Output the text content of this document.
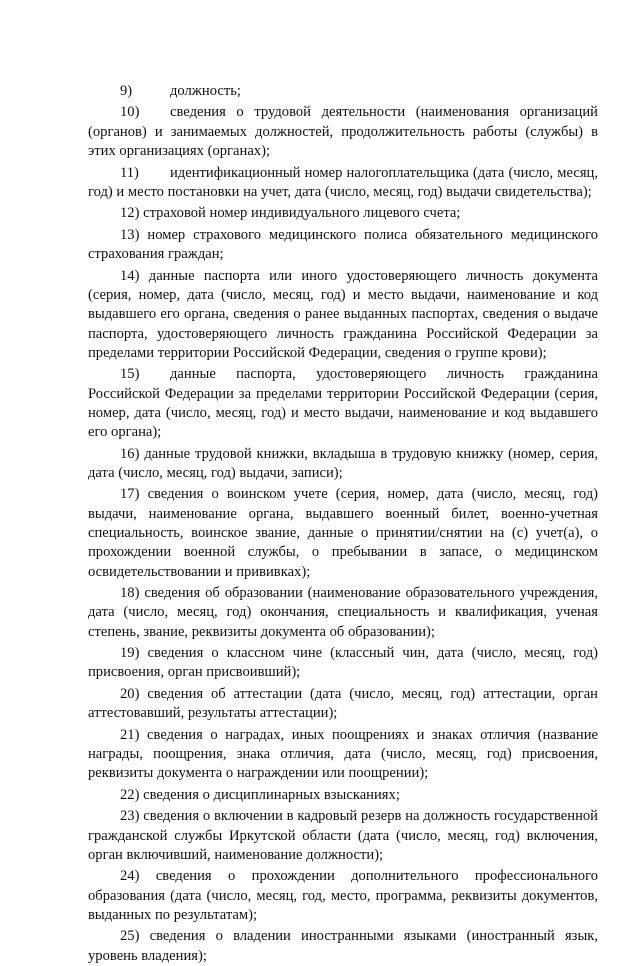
9)	должность;

10) сведения о трудовой деятельности (наименования организаций (органов) и занимаемых должностей, продолжительность работы (службы) в этих организациях (органах);

11) идентификационный номер налогоплательщика (дата (число, месяц, год) и место постановки на учет, дата (число, месяц, год) выдачи свидетельства);

12) страховой номер индивидуального лицевого счета;

13) номер страхового медицинского полиса обязательного медицинского страхования граждан;

14) данные паспорта или иного удостоверяющего личность документа (серия, номер, дата (число, месяц, год) и место выдачи, наименование и код выдавшего его органа, сведения о ранее выданных паспортах, сведения о выдаче паспорта, удостоверяющего личность гражданина Российской Федерации за пределами территории Российской Федерации, сведения о группе крови);

15) данные паспорта, удостоверяющего личность гражданина Российской Федерации за пределами территории Российской Федерации (серия, номер, дата (число, месяц, год) и место выдачи, наименование и код выдавшего его органа);

16) данные трудовой книжки, вкладыша в трудовую книжку (номер, серия, дата (число, месяц, год) выдачи, записи);

17) сведения о воинском учете (серия, номер, дата (число, месяц, год) выдачи, наименование органа, выдавшего военный билет, военно-учетная специальность, воинское звание, данные о принятии/снятии на (с) учет(а), о прохождении военной службы, о пребывании в запасе, о медицинском освидетельствовании и прививках);

18) сведения об образовании (наименование образовательного учреждения, дата (число, месяц, год) окончания, специальность и квалификация, ученая степень, звание, реквизиты документа об образовании);

19) сведения о классном чине (классный чин, дата (число, месяц, год) присвоения, орган присвоивший);

20) сведения об аттестации (дата (число, месяц, год) аттестации, орган аттестовавший, результаты аттестации);

21) сведения о наградах, иных поощрениях и знаках отличия (название награды, поощрения, знака отличия, дата (число, месяц, год) присвоения, реквизиты документа о награждении или поощрении);

22) сведения о дисциплинарных взысканиях;

23) сведения о включении в кадровый резерв на должность государственной гражданской службы Иркутской области (дата (число, месяц, год) включения, орган включивший, наименование должности);

24) сведения о прохождении дополнительного профессионального образования (дата (число, месяц, год, место, программа, реквизиты документов, выданных по результатам);

25) сведения о владении иностранными языками (иностранный язык, уровень владения);
